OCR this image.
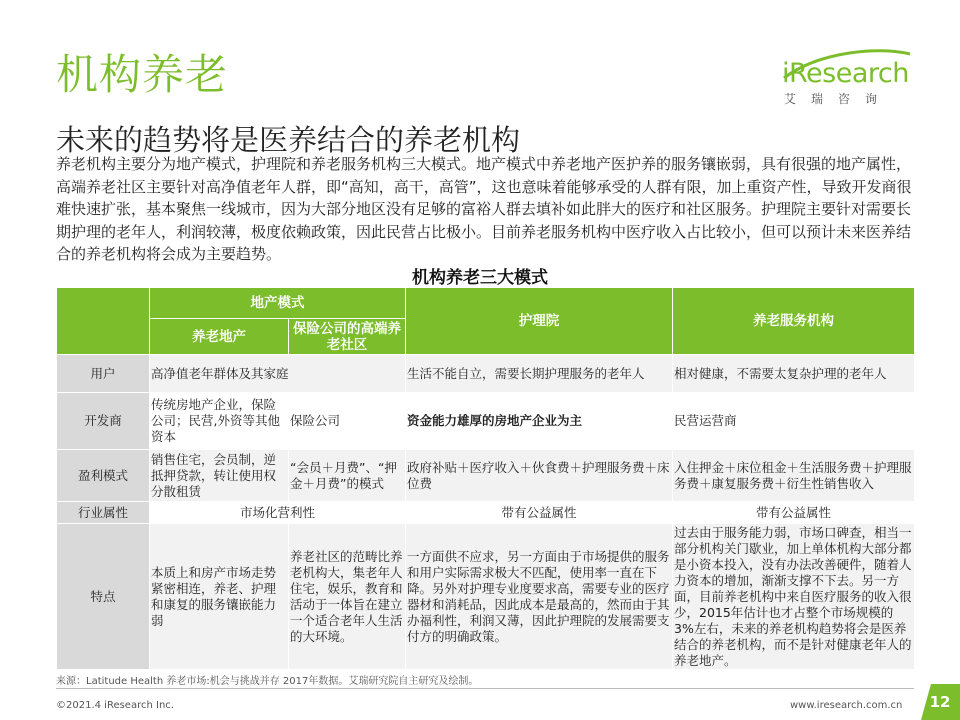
机构养老	iResearch
艾瑞咨询
未来的趋势将是医养结合的养老机构
养老机构主要分为地产模式，护理院和养老服务机构三大模式。地产模式中养老地产医护养的服务镶嵌弱，具有很强的地产属性，高端养老社区主要针对高净值老年人群，即“高知，高干，高管”，这也意味着能够承受的人群有限，加上重资产性，导致开发商很难快速扩张，基本聚焦一线城市，因为大部分地区没有足够的富裕人群去填补如此胖大的医疗和社区服务。护理院主要针对需要长期护理的老年人，利润较薄，极度依赖政策，因此民营占比极小。目前养老服务机构中医疗收入占比较小，但可以预计未来医养结合的养老机构将会成为主要趋势。
机构养老三大模式
	地产模式		护理院	养老服务机构
	养老地产	保险公司的高端养老社区		
用户	高净值老年群体及其家庭		生活不能自立，需要长期护理服务的老年人	相对健康，不需要太复杂护理的老年人
开发商	传统房地产企业，保险公司；民营,外资等其他资本	保险公司	资金能力雄厚的房地产企业为主	民营运营商
盈利模式	销售住宅，会员制，逆抵押贷款，转让使用权分散租赁	“会员＋月费”、“押金＋月费”的模式	政府补贴＋医疗收入＋伙食费＋护理服务费＋床位费	入住押金＋床位租金＋生活服务费＋护理服务费＋康复服务费＋衍生性销售收入
行业属性	市场化营利性		带有公益属性	带有公益属性
特点	本质上和房产市场走势紧密相连，养老、护理和康复的服务镶嵌能力弱	养老社区的范畴比养老机构大，集老年人住宅，娱乐，教育和活动于一体旨在建立一个适合老年人生活的大环境。	一方面供不应求，另一方面由于市场提供的服务和用户实际需求极大不匹配，使用率一直在下降。另外对护理专业度要求高，需要专业的医疗器材和消耗品，因此成本是最高的，然而由于其办福利性，利润又薄，因此护理院的发展需要支付方的明确政策。	过去由于服务能力弱，市场口碑查，相当一部分机构关门歇业，加上单体机构大部分都是小资本投入，没有办法改善硬件，随着人力资本的增加，渐渐支撑不下去。另一方面，目前养老机构中来自医疗服务的收入很少，2015年估计也才占整个市场规模的3%左右，未来的养老机构趋势将会是医养结合的养老机构，而不是针对健康老年人的养老地产。
来源：Latitude Health 养老市场:机会与挑战并存 2017年数据。艾瑞研究院自主研究及绘制。
©2021.4 iResearch Inc.	www.iresearch.com.cn	12
